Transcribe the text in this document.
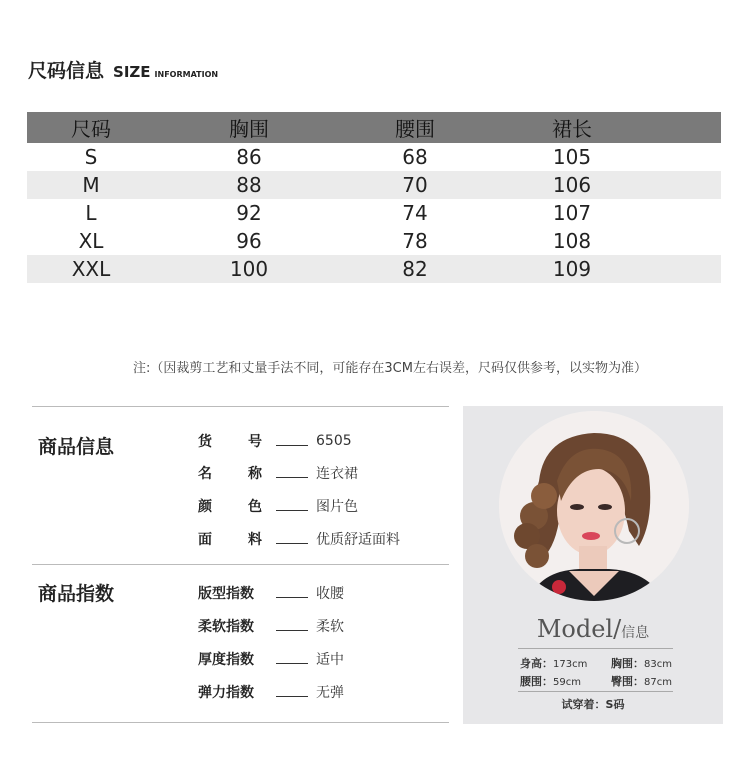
尺码信息 SIZE INFORMATION
尺码	胸围	腰围	裙长
S	86	68	105
M	88	70	106
L	92	74	107
XL	96	78	108
XXL	100	82	109
注:（因裁剪工艺和丈量手法不同，可能存在3CM左右误差，尺码仅供参考，以实物为准）
商品信息	货	号	6505
名	称	连衣裙
颜	色	图片色
面	料	优质舒适面料
商品指数	版型指数	收腰
柔软指数	柔软
厚度指数	适中
弹力指数	无弹
Model/信息
身高：173cm 胸围：83cm
腰围：59cm	臀围：87cm
试穿着：S码
